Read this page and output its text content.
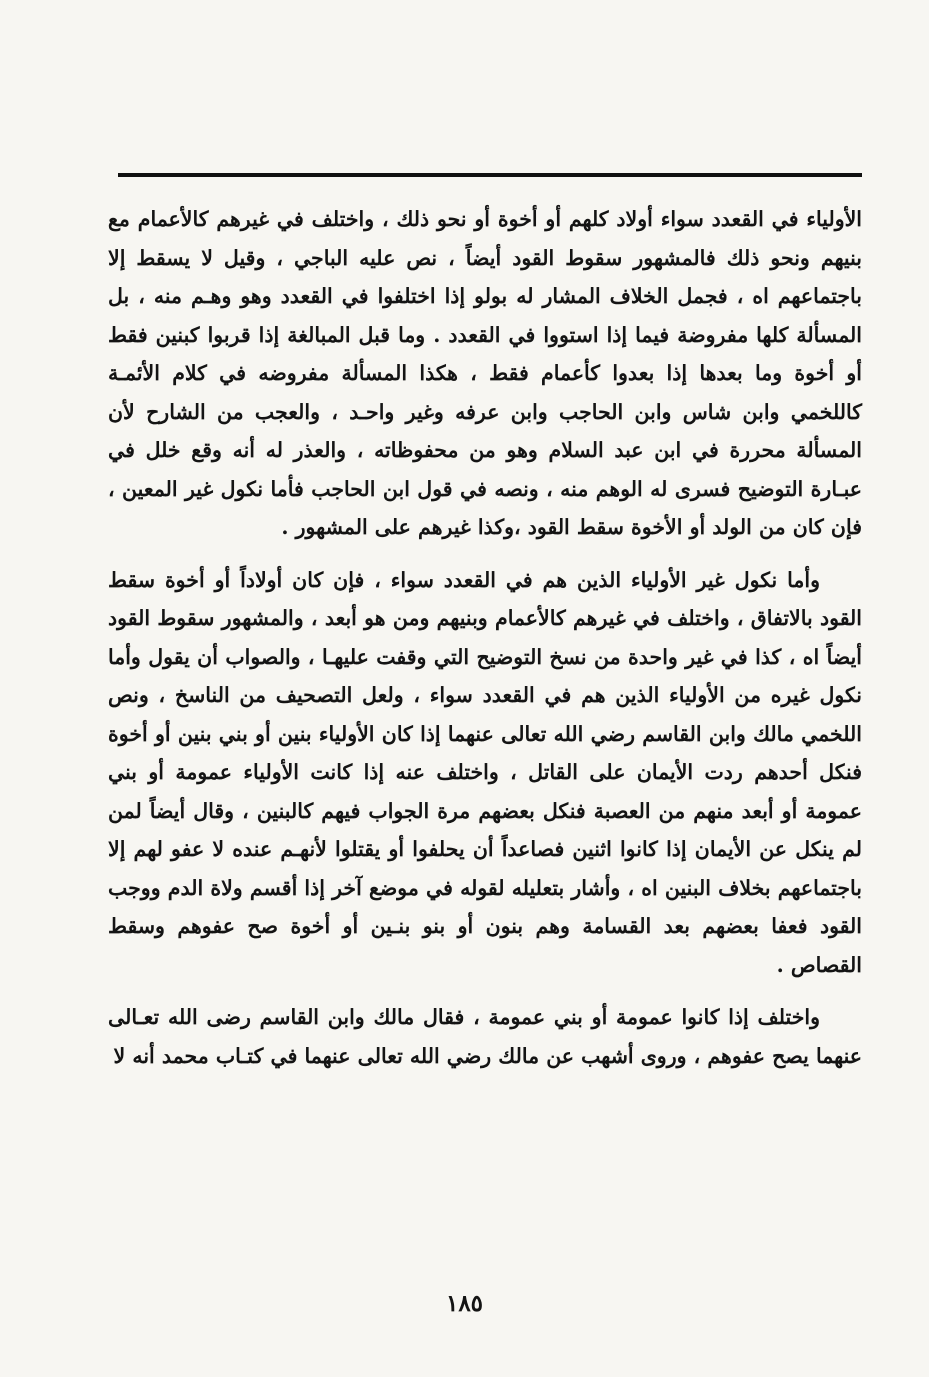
الأولياء في القعدد سواء أولاد كلهم أو أخوة أو نحو ذلك ، واختلف في غيرهم كالأعمام مع بنيهم ونحو ذلك فالمشهور سقوط القود أيضاً ، نص عليه الباجي ، وقيل لا يسقط إلا باجتماعهم اه ، فجمل الخلاف المشار له بولو إذا اختلفوا في القعدد وهو وهـم منه ، بل المسألة كلها مفروضة فيما إذا استووا في القعدد . وما قبل المبالغة إذا قربوا كبنين فقط أو أخوة وما بعدها إذا بعدوا كأعمام فقط ، هكذا المسألة مفروضه في كلام الأئمـة كاللخمي وابن شاس وابن الحاجب وابن عرفه وغير واحـد ، والعجب من الشارح لأن المسألة محررة في ابن عبد السلام وهو من محفوظاته ، والعذر له أنه وقع خلل في عبـارة التوضيح فسرى له الوهم منه ، ونصه في قول ابن الحاجب فأما نكول غير المعين ، فإن كان من الولد أو الأخوة سقط القود ،وكذا غيرهم على المشهور .

وأما نكول غير الأولياء الذين هم في القعدد سواء ، فإن كان أولاداً أو أخوة سقط القود بالاتفاق ، واختلف في غيرهم كالأعمام وبنيهم ومن هو أبعد ، والمشهور سقوط القود أيضاً اه ، كذا في غير واحدة من نسخ التوضيح التي وقفت عليهـا ، والصواب أن يقول وأما نكول غيره من الأولياء الذين هم في القعدد سواء ، ولعل التصحيف من الناسخ ، ونص اللخمي مالك وابن القاسم رضي الله تعالى عنهما إذا كان الأولياء بنين أو بني بنين أو أخوة فنكل أحدهم ردت الأيمان على القاتل ، واختلف عنه إذا كانت الأولياء عمومة أو بني عمومة أو أبعد منهم من العصبة فنكل بعضهم مرة الجواب فيهم كالبنين ، وقال أيضاً لمن لم ينكل عن الأيمان إذا كانوا اثنين فصاعداً أن يحلفوا أو يقتلوا لأنهـم عنده لا عفو لهم إلا باجتماعهم بخلاف البنين اه ، وأشار بتعليله لقوله في موضع آخر إذا أقسم ولاة الدم ووجب القود فعفا بعضهم بعد القسامة وهم بنون أو بنو بنـين أو أخوة صح عفوهم وسقط القصاص .

واختلف إذا كانوا عمومة أو بني عمومة ، فقال مالك وابن القاسم رضى الله تعـالى عنهما يصح عفوهم ، وروى أشهب عن مالك رضي الله تعالى عنهما في كتـاب محمد أنه لا

١٨٥
